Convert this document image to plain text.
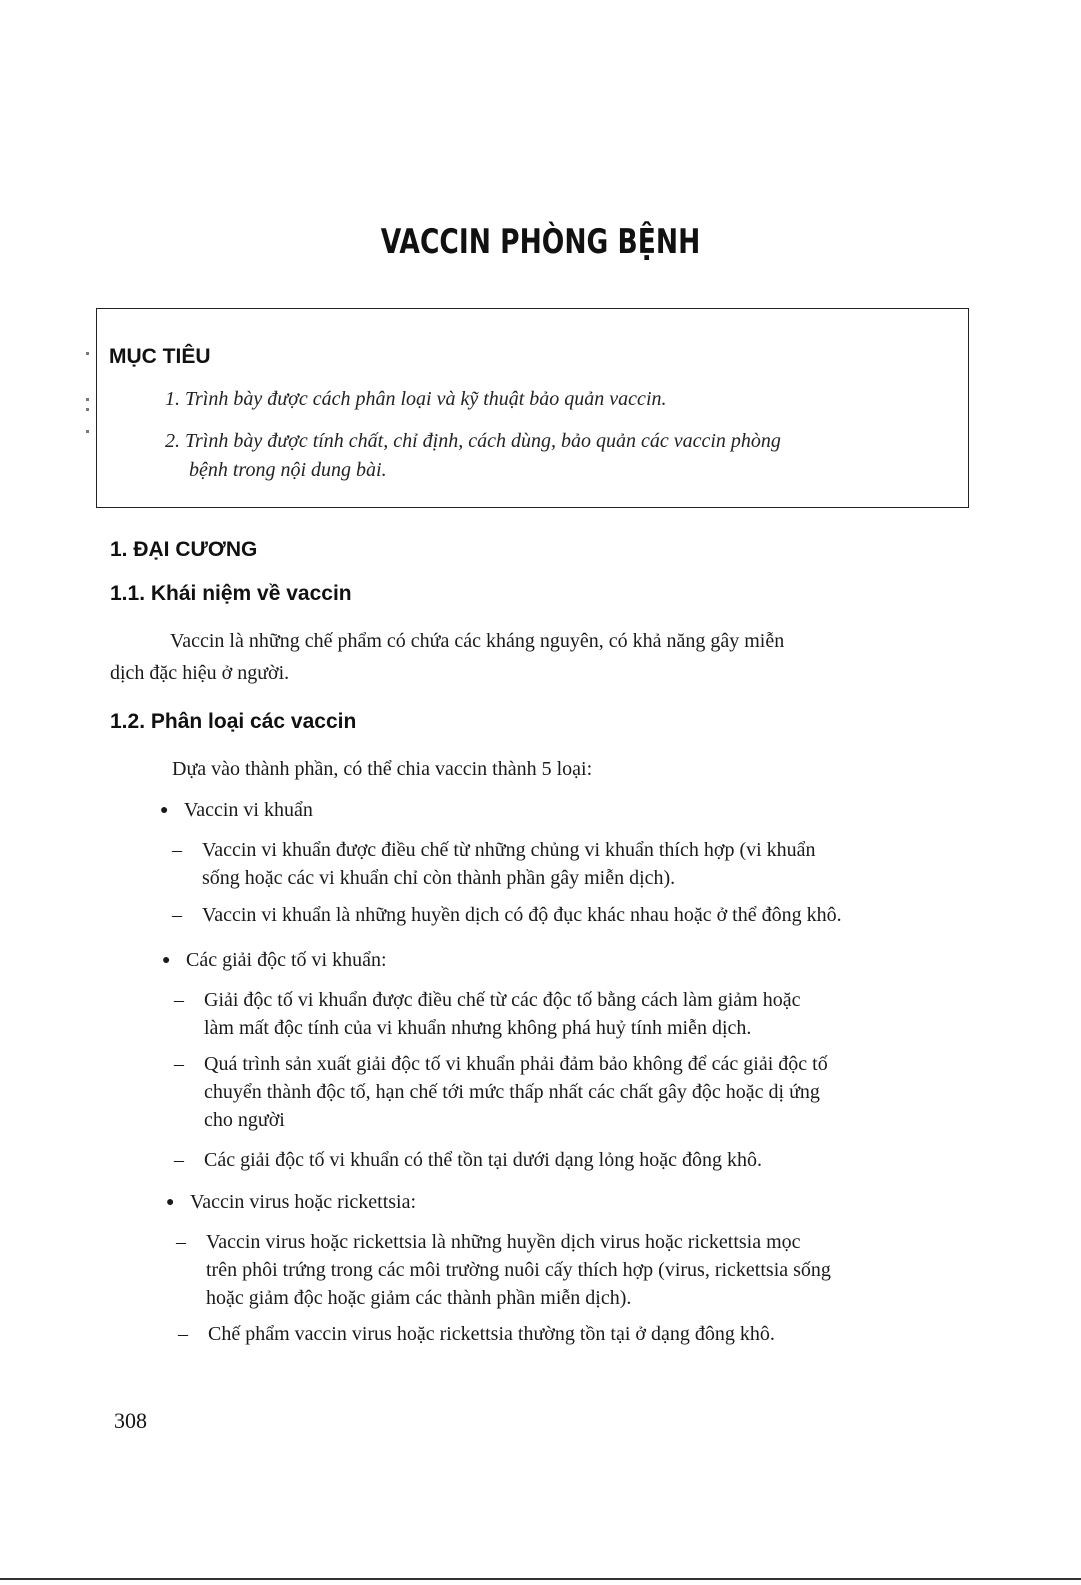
VACCIN PHÒNG BỆNH
MỤC TIÊU
1. Trình bày được cách phân loại và kỹ thuật bảo quản vaccin.
2. Trình bày được tính chất, chỉ định, cách dùng, bảo quản các vaccin phòng
bệnh trong nội dung bài.
1. ĐẠI CƯƠNG
1.1. Khái niệm về vaccin
Vaccin là những chế phẩm có chứa các kháng nguyên, có khả năng gây miễn
dịch đặc hiệu ở người.
1.2. Phân loại các vaccin
Dựa vào thành phần, có thể chia vaccin thành 5 loại:
● Vaccin vi khuẩn
– Vaccin vi khuẩn được điều chế từ những chủng vi khuẩn thích hợp (vi khuẩn
sống hoặc các vi khuẩn chỉ còn thành phần gây miễn dịch).
– Vaccin vi khuẩn là những huyền dịch có độ đục khác nhau hoặc ở thể đông khô.
● Các giải độc tố vi khuẩn:
– Giải độc tố vi khuẩn được điều chế từ các độc tố bằng cách làm giảm hoặc
làm mất độc tính của vi khuẩn nhưng không phá huỷ tính miễn dịch.
– Quá trình sản xuất giải độc tố vi khuẩn phải đảm bảo không để các giải độc tố
chuyển thành độc tố, hạn chế tới mức thấp nhất các chất gây độc hoặc dị ứng
cho người
– Các giải độc tố vi khuẩn có thể tồn tại dưới dạng lỏng hoặc đông khô.
● Vaccin virus hoặc rickettsia:
– Vaccin virus hoặc rickettsia là những huyền dịch virus hoặc rickettsia mọc
trên phôi trứng trong các môi trường nuôi cấy thích hợp (virus, rickettsia sống
hoặc giảm độc hoặc giảm các thành phần miễn dịch).
– Chế phẩm vaccin virus hoặc rickettsia thường tồn tại ở dạng đông khô.
308
